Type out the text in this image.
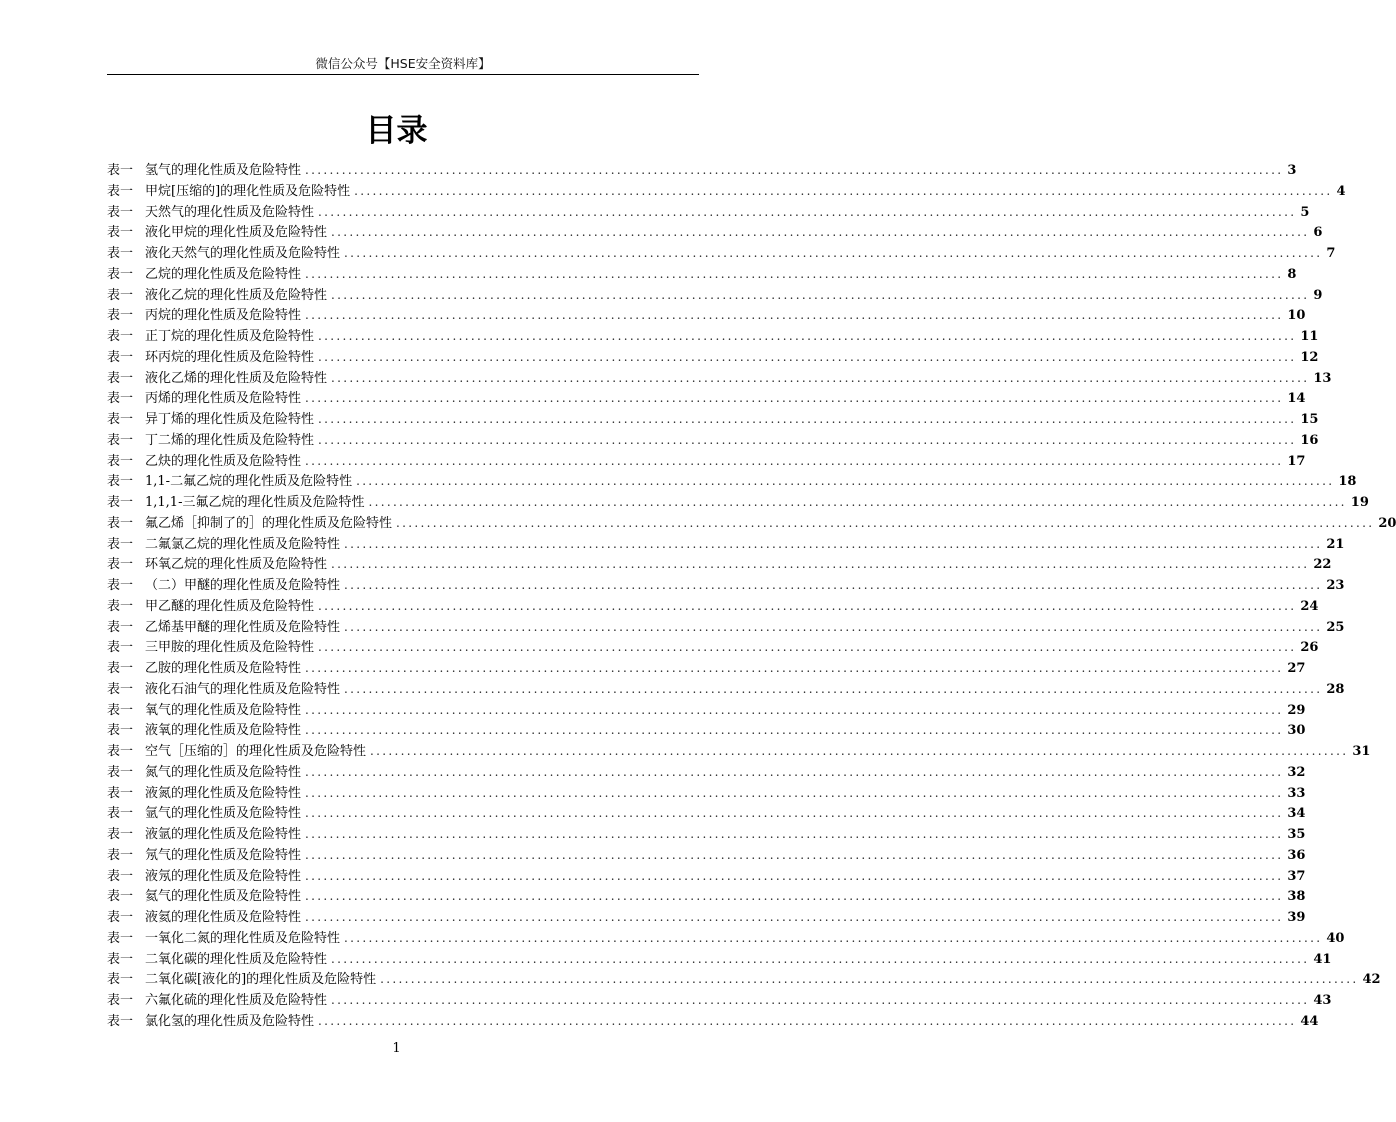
微信公众号【HSE安全资料库】
目录
表一 氢气的理化性质及危险特性 ................................................................................................................................................................ 3
表一 甲烷[压缩的]的理化性质及危险特性 ................................................................................................................................................................ 4
表一 天然气的理化性质及危险特性 ................................................................................................................................................................ 5
表一 液化甲烷的理化性质及危险特性 ................................................................................................................................................................ 6
表一 液化天然气的理化性质及危险特性 ................................................................................................................................................................ 7
表一 乙烷的理化性质及危险特性 ................................................................................................................................................................ 8
表一 液化乙烷的理化性质及危险特性 ................................................................................................................................................................ 9
表一 丙烷的理化性质及危险特性 ................................................................................................................................................................ 10
表一 正丁烷的理化性质及危险特性 ................................................................................................................................................................ 11
表一 环丙烷的理化性质及危险特性 ................................................................................................................................................................ 12
表一 液化乙烯的理化性质及危险特性 ................................................................................................................................................................ 13
表一 丙烯的理化性质及危险特性 ................................................................................................................................................................ 14
表一 异丁烯的理化性质及危险特性 ................................................................................................................................................................ 15
表一 丁二烯的理化性质及危险特性 ................................................................................................................................................................ 16
表一 乙炔的理化性质及危险特性 ................................................................................................................................................................ 17
表一 1,1-二氟乙烷的理化性质及危险特性 ................................................................................................................................................................ 18
表一 1,1,1-三氟乙烷的理化性质及危险特性 ................................................................................................................................................................ 19
表一 氟乙烯［抑制了的］的理化性质及危险特性 ................................................................................................................................................................ 20
表一 二氟氯乙烷的理化性质及危险特性 ................................................................................................................................................................ 21
表一 环氧乙烷的理化性质及危险特性 ................................................................................................................................................................ 22
表一 （二）甲醚的理化性质及危险特性 ................................................................................................................................................................ 23
表一 甲乙醚的理化性质及危险特性 ................................................................................................................................................................ 24
表一 乙烯基甲醚的理化性质及危险特性 ................................................................................................................................................................ 25
表一 三甲胺的理化性质及危险特性 ................................................................................................................................................................ 26
表一 乙胺的理化性质及危险特性 ................................................................................................................................................................ 27
表一 液化石油气的理化性质及危险特性 ................................................................................................................................................................ 28
表一 氧气的理化性质及危险特性 ................................................................................................................................................................ 29
表一 液氧的理化性质及危险特性 ................................................................................................................................................................ 30
表一 空气［压缩的］的理化性质及危险特性 ................................................................................................................................................................ 31
表一 氮气的理化性质及危险特性 ................................................................................................................................................................ 32
表一 液氮的理化性质及危险特性 ................................................................................................................................................................ 33
表一 氩气的理化性质及危险特性 ................................................................................................................................................................ 34
表一 液氩的理化性质及危险特性 ................................................................................................................................................................ 35
表一 氖气的理化性质及危险特性 ................................................................................................................................................................ 36
表一 液氖的理化性质及危险特性 ................................................................................................................................................................ 37
表一 氦气的理化性质及危险特性 ................................................................................................................................................................ 38
表一 液氦的理化性质及危险特性 ................................................................................................................................................................ 39
表一 一氧化二氮的理化性质及危险特性 ................................................................................................................................................................ 40
表一 二氧化碳的理化性质及危险特性 ................................................................................................................................................................ 41
表一 二氧化碳[液化的]的理化性质及危险特性 ................................................................................................................................................................ 42
表一 六氟化硫的理化性质及危险特性 ................................................................................................................................................................ 43
表一 氯化氢的理化性质及危险特性 ................................................................................................................................................................ 44
1
